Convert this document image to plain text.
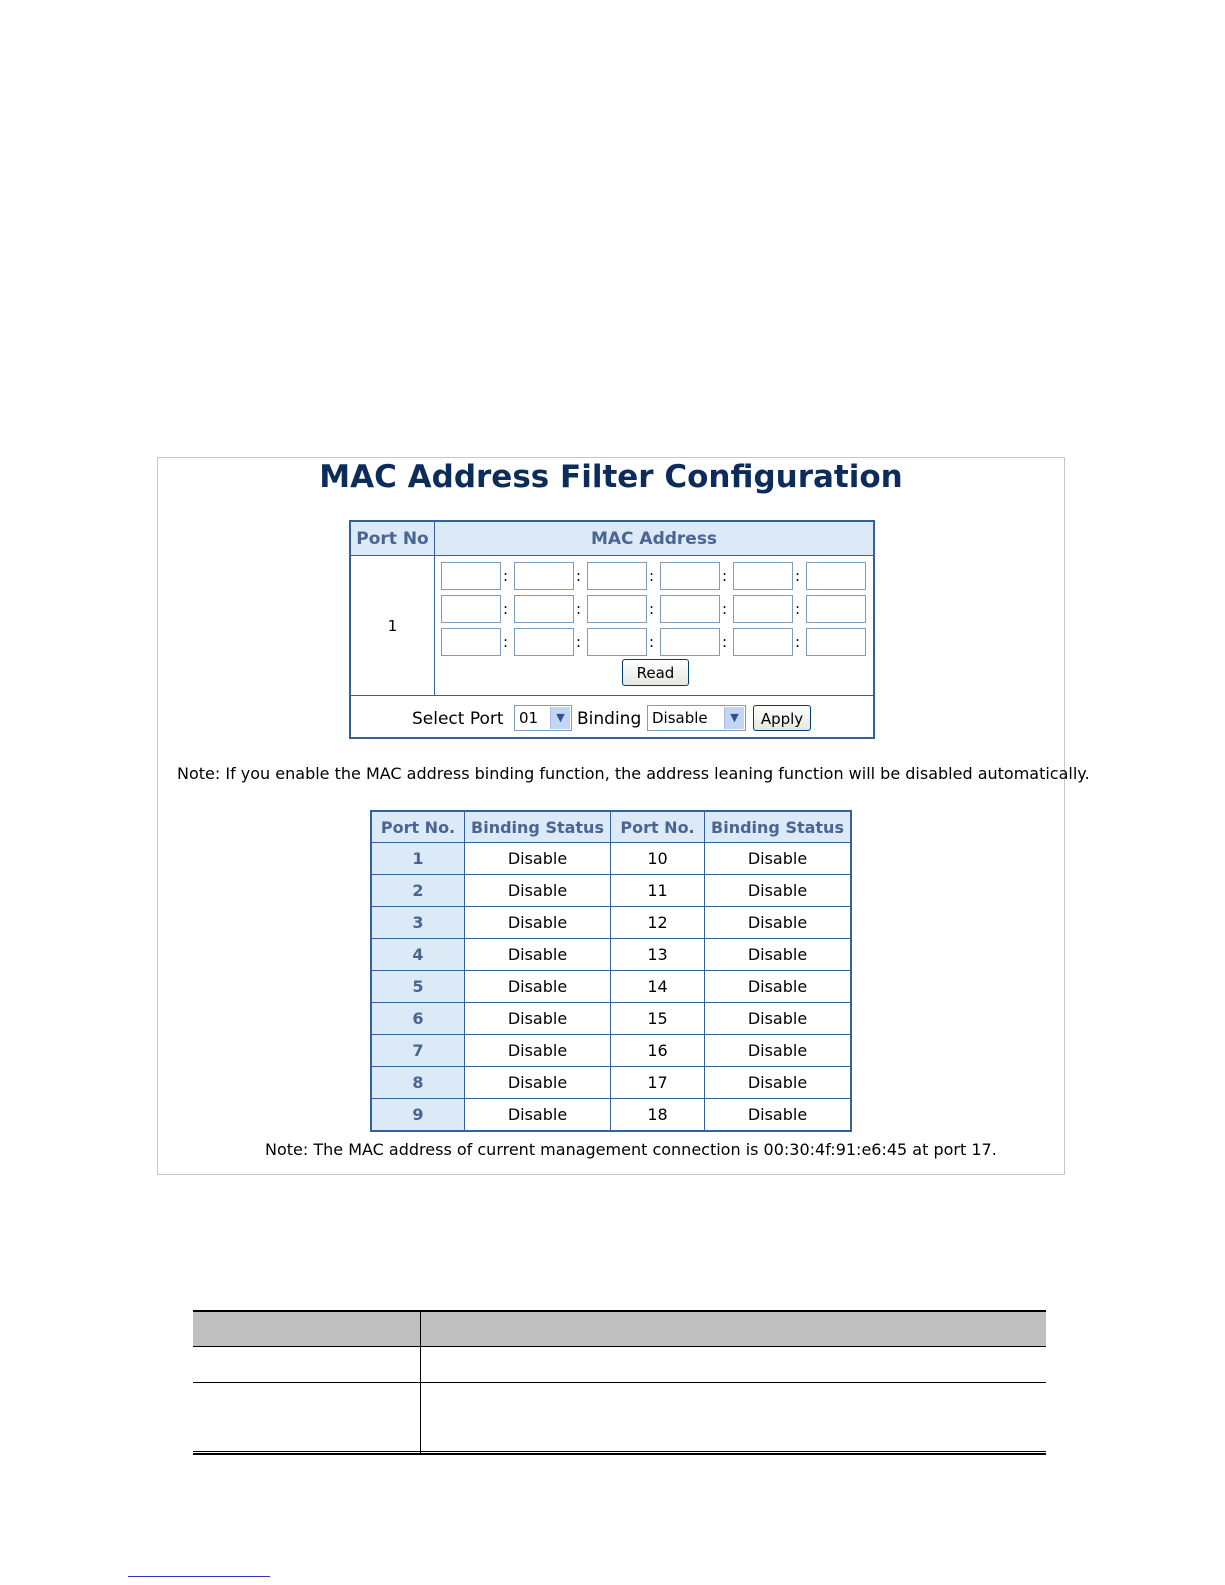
MAC Address Filter Configuration
Port No	MAC Address
1
:	:	:	:	:
:	:	:	:	:
:	:	:	:	:
Read
Select Port	01	▼ Binding Disable	▼	Apply
Note: If you enable the MAC address binding function, the address leaning function will be disabled automatically.
Port No.	Binding Status	Port No.	Binding Status
1	Disable	10	Disable
2	Disable	11	Disable
3	Disable	12	Disable
4	Disable	13	Disable
5	Disable	14	Disable
6	Disable	15	Disable
7	Disable	16	Disable
8	Disable	17	Disable
9	Disable	18	Disable
Note: The MAC address of current management connection is 00:30:4f:91:e6:45 at port 17.
